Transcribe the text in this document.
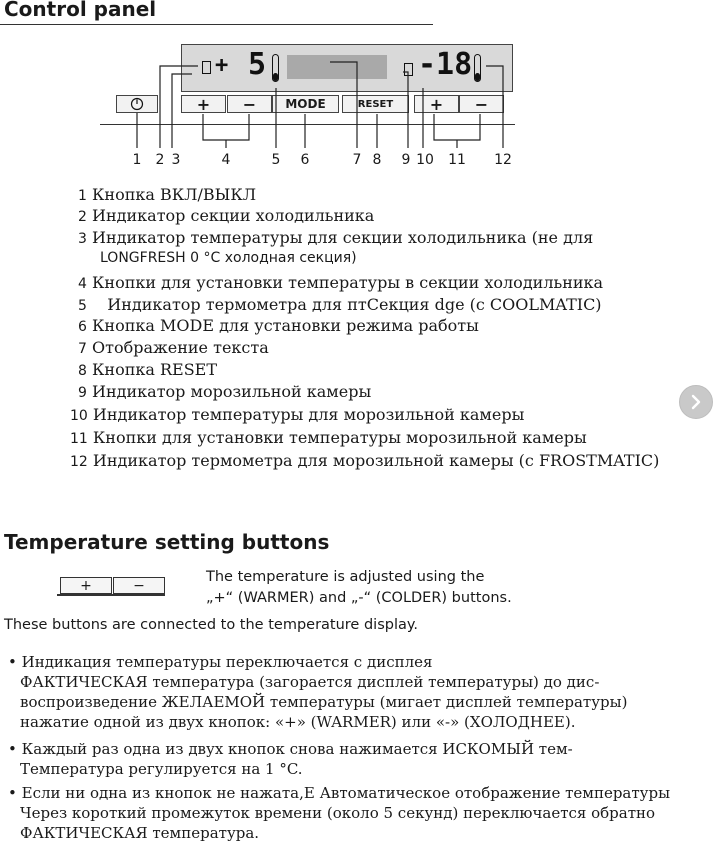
Control panel
+ 5	-18
+	−	MODE	RESET	+	−
1 2 3	4	5 6	7 8 9 10 11 12
1 Кнопка ВКЛ/ВЫКЛ
2 Индикатор секции холодильника
3 Индикатор температуры для секции холодильника (не для
LONGFRESH 0 °C холодная секция)
4 Кнопки для установки температуры в секции холодильника
5 Индикатор термометра для птСекция dge (с COOLMATIC)
6 Кнопка MODE для установки режима работы
7 Отображение текста
8 Кнопка RESET
9 Индикатор морозильной камеры
10 Индикатор температуры для морозильной камеры
11 Кнопки для установки температуры морозильной камеры
12 Индикатор термометра для морозильной камеры (с FROSTMATIC)
Temperature setting buttons
+	−
The temperature is adjusted using the
„+“ (WARMER) and „-“ (COLDER) buttons.
These buttons are connected to the temperature display.
• Индикация температуры переключается с дисплея
ФАКТИЧЕСКАЯ температура (загорается дисплей температуры) до дис-
воспроизведение ЖЕЛАЕМОЙ температуры (мигает дисплей температуры)
нажатие одной из двух кнопок: «+» (WARMER) или «-» (ХОЛОДНЕЕ).
• Каждый раз одна из двух кнопок снова нажимается ИСКОМЫЙ тем-
Температура регулируется на 1 °C.
• Если ни одна из кнопок не нажата,Е Автоматическое отображение температуры
Через короткий промежуток времени (около 5 секунд) переключается обратно
ФАКТИЧЕСКАЯ температура.
